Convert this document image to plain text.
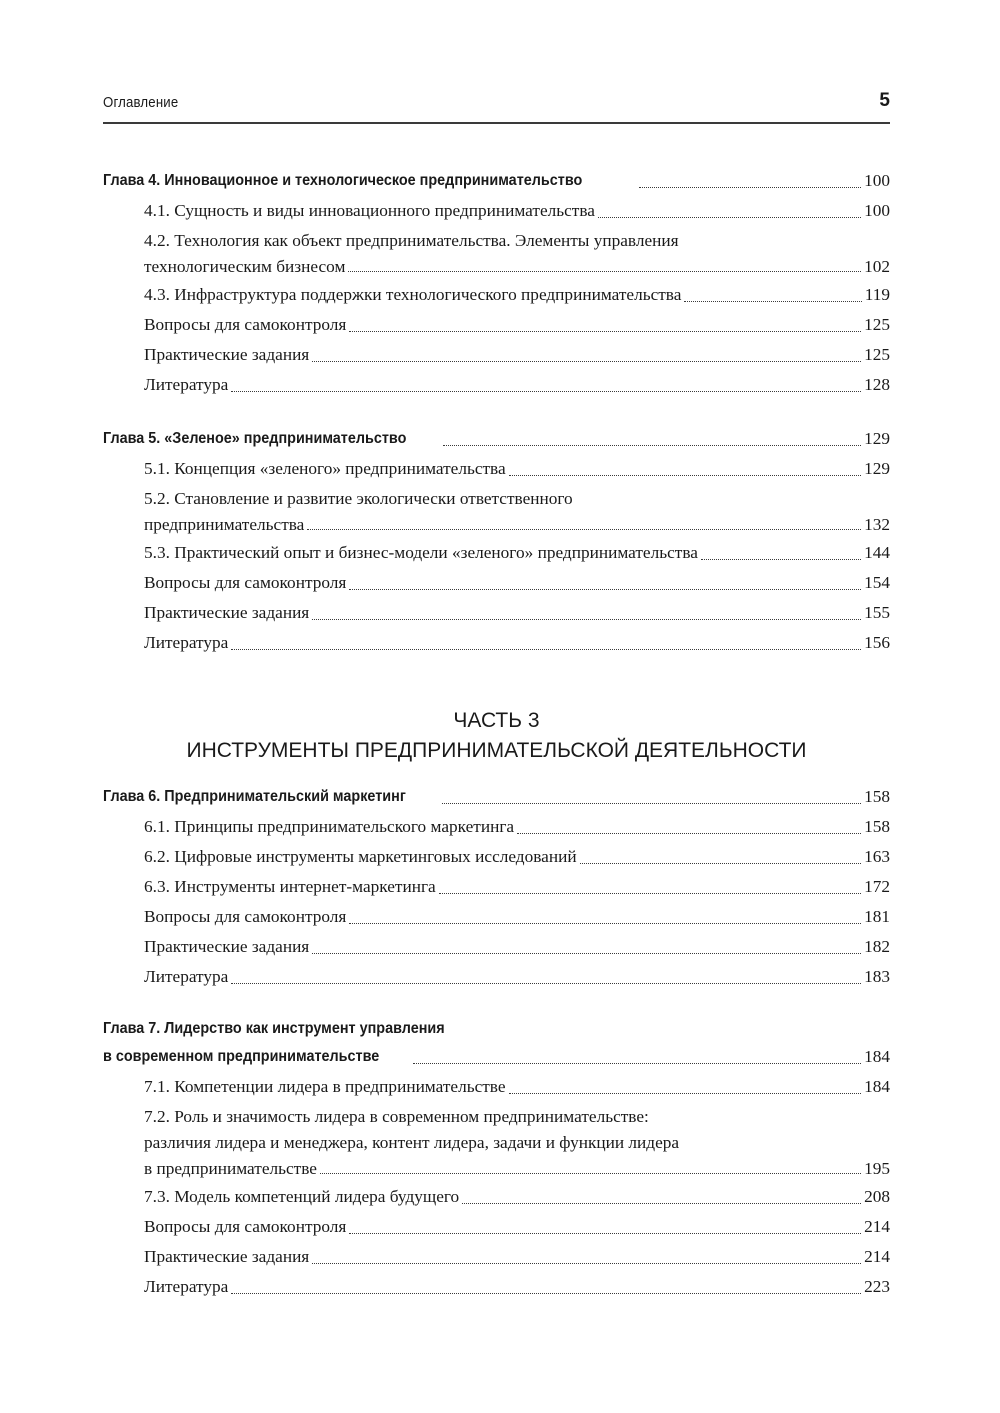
Оглавление	5
Глава 4. Инновационное и технологическое предпринимательство	100
4.1. Сущность и виды инновационного предпринимательства	100
4.2. Технология как объект предпринимательства. Элементы управления
технологическим бизнесом	102
4.3. Инфраструктура поддержки технологического предпринимательства	119
Вопросы для самоконтроля	125
Практические задания	125
Литература	128
Глава 5. «Зеленое» предпринимательство	129
5.1. Концепция «зеленого» предпринимательства	129
5.2. Становление и развитие экологически ответственного
предпринимательства	132
5.3. Практический опыт и бизнес-модели «зеленого» предпринимательства	144
Вопросы для самоконтроля	154
Практические задания	155
Литература	156
ЧАСТЬ 3
ИНСТРУМЕНТЫ ПРЕДПРИНИМАТЕЛЬСКОЙ ДЕЯТЕЛЬНОСТИ
Глава 6. Предпринимательский маркетинг	158
6.1. Принципы предпринимательского маркетинга	158
6.2. Цифровые инструменты маркетинговых исследований	163
6.3. Инструменты интернет-маркетинга	172
Вопросы для самоконтроля	181
Практические задания	182
Литература	183
Глава 7. Лидерство как инструмент управления
в современном предпринимательстве	184
7.1. Компетенции лидера в предпринимательстве	184
7.2. Роль и значимость лидера в современном предпринимательстве:
различия лидера и менеджера, контент лидера, задачи и функции лидера
в предпринимательстве	195
7.3. Модель компетенций лидера будущего	208
Вопросы для самоконтроля	214
Практические задания	214
Литература	223
